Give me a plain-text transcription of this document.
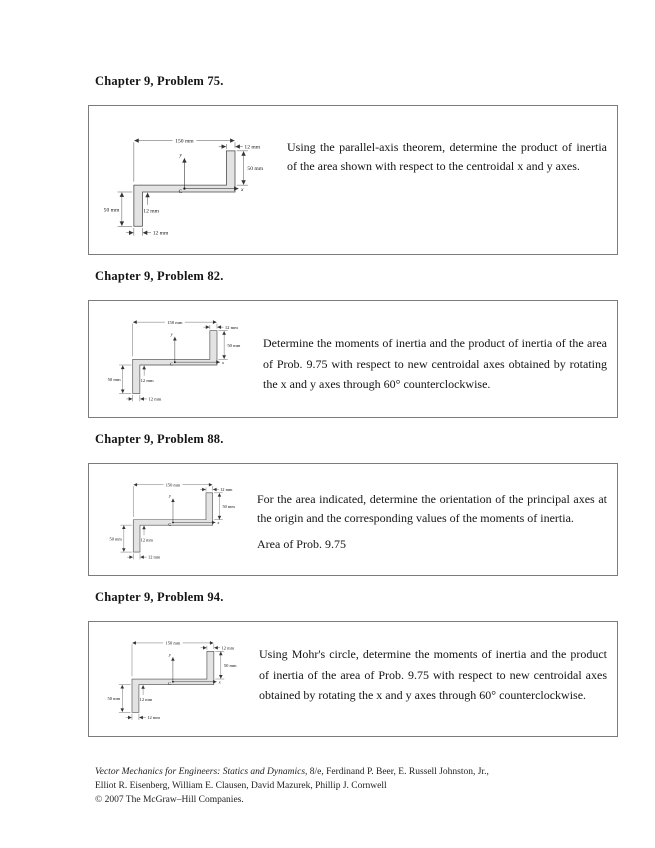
Chapter 9, Problem 75.
150 mm
12 mm
50 mm
50 mm	12 mm
12 mm
y
x
C

Using the parallel-axis theorem, determine the product of inertia of the area shown with respect to the centroidal x and y axes.

Chapter 9, Problem 82.
150 mm
12 mm
50 mm
50 mm	12 mm
12 mm
y
x
C

Determine the moments of inertia and the product of inertia of the area of Prob. 9.75 with respect to new centroidal axes obtained by rotating the x and y axes through 60° counterclockwise.

Chapter 9, Problem 88.
150 mm
12 mm
50 mm
50 mm	12 mm
12 mm
y
x
C

For the area indicated, determine the orientation of the principal axes at the origin and the corresponding values of the moments of inertia.

Area of Prob. 9.75

Chapter 9, Problem 94.
150 mm
12 mm
50 mm
50 mm	12 mm
12 mm
y
x
C

Using Mohr's circle, determine the moments of inertia and the product of inertia of the area of Prob. 9.75 with respect to new centroidal axes obtained by rotating the x and y axes through 60° counterclockwise.

Vector Mechanics for Engineers: Statics and Dynamics, 8/e, Ferdinand P. Beer, E. Russell Johnston, Jr.,
Elliot R. Eisenberg, William E. Clausen, David Mazurek, Phillip J. Cornwell
© 2007 The McGraw–Hill Companies.
